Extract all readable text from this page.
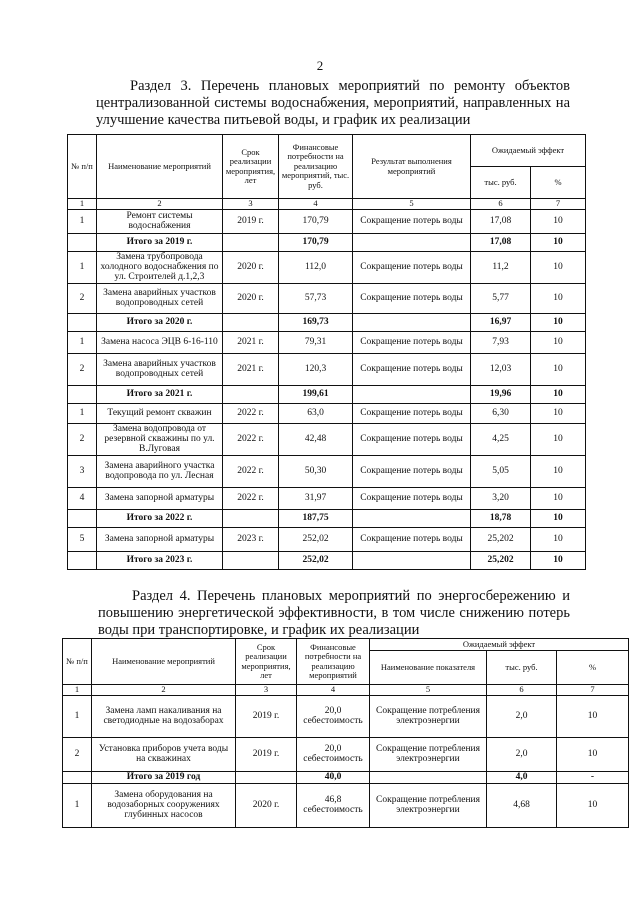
2
Раздел 3. Перечень плановых мероприятий по ремонту объектов централизованной системы водоснабжения, мероприятий, направленных на улучшение качества питьевой воды, и график их реализации
№ п/п	Наименование мероприятий	Срок реализации мероприятия, лет	Финансовые потребности на реализацию мероприятий, тыс. руб.	Результат выполнения мероприятий	Ожидаемый эффект	
					тыс. руб.	%
1	2	3	4	5	6	7
1	Ремонт системы водоснабжения	2019 г.	170,79	Сокращение потерь воды	17,08	10
	Итого за 2019 г.		170,79		17,08	10
1	Замена трубопровода холодного водоснабжения по ул. Строителей д.1,2,3	2020 г.	112,0	Сокращение потерь воды	11,2	10
2	Замена аварийных участков водопроводных сетей	2020 г.	57,73	Сокращение потерь воды	5,77	10
	Итого за 2020 г.		169,73		16,97	10
1	Замена насоса ЭЦВ 6-16-110	2021 г.	79,31	Сокращение потерь воды	7,93	10
2	Замена аварийных участков водопроводных сетей	2021 г.	120,3	Сокращение потерь воды	12,03	10
	Итого за 2021 г.		199,61		19,96	10
1	Текущий ремонт скважин	2022 г.	63,0	Сокращение потерь воды	6,30	10
2	Замена водопровода от резервной скважины по ул. В.Луговая	2022 г.	42,48	Сокращение потерь воды	4,25	10
3	Замена аварийного участка водопровода по ул. Лесная	2022 г.	50,30	Сокращение потерь воды	5,05	10
4	Замена запорной арматуры	2022 г.	31,97	Сокращение потерь воды	3,20	10
	Итого за 2022 г.		187,75		18,78	10
5	Замена запорной арматуры	2023 г.	252,02	Сокращение потерь воды	25,202	10
	Итого за 2023 г.		252,02		25,202	10
Раздел 4. Перечень плановых мероприятий по энергосбережению и повышению энергетической эффективности, в том числе снижению потерь воды при транспортировке, и график их реализации
№ п/п	Наименование мероприятий	Срок реализации мероприятия, лет	Финансовые потребности на реализацию мероприятий	Ожидаемый эффект		
				Наименование показателя	тыс. руб.	%
1	2	3	4	5	6	7
1	Замена ламп накаливания на светодиодные на водозаборах	2019 г.	20,0 себестоимость	Сокращение потребления электроэнергии	2,0	10
2	Установка приборов учета воды на скважинах	2019 г.	20,0 себестоимость	Сокращение потребления электроэнергии	2,0	10
	Итого за 2019 год		40,0		4,0	-
1	Замена оборудования на водозаборных сооружениях глубинных насосов	2020 г.	46,8 себестоимость	Сокращение потребления электроэнергии	4,68	10
